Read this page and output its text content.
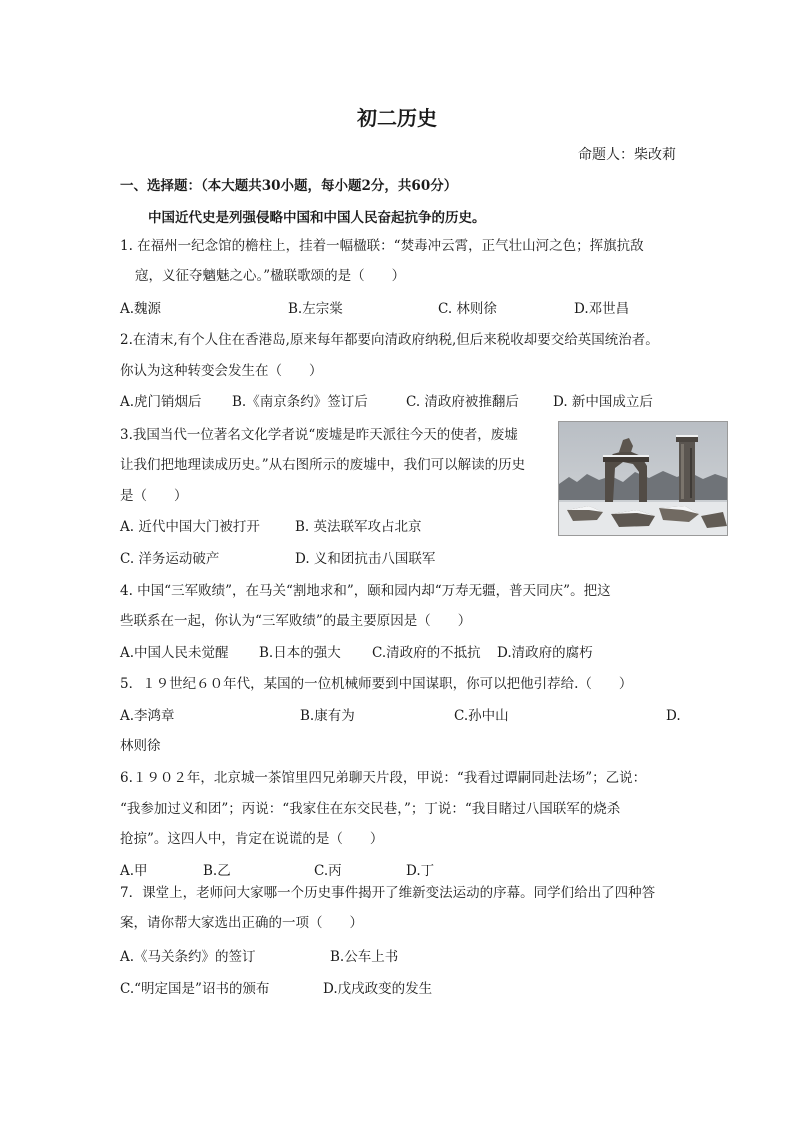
初二历史
命题人：柴改莉
一、选择题：（本大题共30小题，每小题2分，共60分）
中国近代史是列强侵略中国和中国人民奋起抗争的历史。
1. 在福州一纪念馆的檐柱上，挂着一幅楹联：“焚毒冲云霄，正气壮山河之色；挥旗抗敌
寇，义征夺魑魅之心。”楹联歌颂的是（　　）
A.魏源	B.左宗棠	C. 林则徐	D.邓世昌
2.在清末,有个人住在香港岛,原来每年都要向清政府纳税,但后来税收却要交给英国统治者。
你认为这种转变会发生在（　　）
A.虎门销烟后 B.《南京条约》签订后	C. 清政府被推翻后	D. 新中国成立后
3.我国当代一位著名文化学者说“废墟是昨天派往今天的使者，废墟
让我们把地理读成历史。”从右图所示的废墟中，我们可以解读的历史
是（　　）
A. 近代中国大门被打开	B. 英法联军攻占北京
C. 洋务运动破产	D. 义和团抗击八国联军
4. 中国“三军败绩”，在马关“割地求和”，颐和园内却“万寿无疆，普天同庆”。把这
些联系在一起，你认为“三军败绩”的最主要原因是（　　）
A.中国人民未觉醒 B.日本的强大 C.清政府的不抵抗 D.清政府的腐朽
5．１９世纪６０年代，某国的一位机械师要到中国谋职，你可以把他引荐给.（　　）
A.李鸿章	B.康有为	C.孙中山	D.
林则徐
6.１９０２年，北京城一茶馆里四兄弟聊天片段，甲说：“我看过谭嗣同赴法场”；乙说：
“我参加过义和团”；丙说：“我家住在东交民巷，”；丁说：“我目睹过八国联军的烧杀
抢掠”。这四人中，肯定在说谎的是（　　）
A.甲	B.乙	C.丙	D.丁
7．课堂上，老师问大家哪一个历史事件揭开了维新变法运动的序幕。同学们给出了四种答
案，请你帮大家选出正确的一项（　　）
A.《马关条约》的签订	B.公车上书
C.“明定国是”诏书的颁布	D.戊戌政变的发生
